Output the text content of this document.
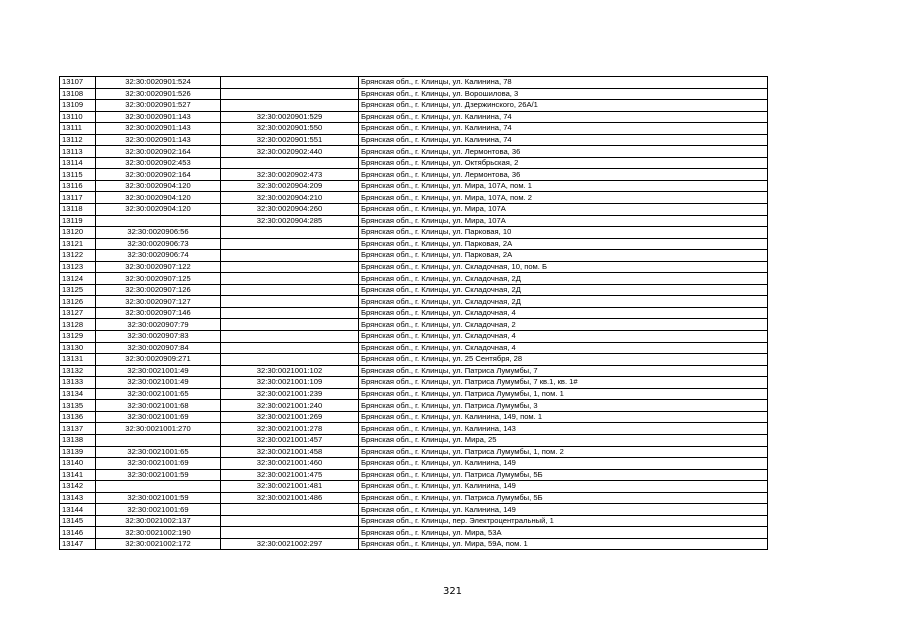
13107	32:30:0020901:524		Брянская обл., г. Клинцы, ул. Калинина, 78
13108	32:30:0020901:526		Брянская обл., г. Клинцы, ул. Ворошилова, 3
13109	32:30:0020901:527		Брянская обл., г. Клинцы, ул. Дзержинского, 26А/1
13110	32:30:0020901:143	32:30:0020901:529	Брянская обл., г. Клинцы, ул. Калинина, 74
13111	32:30:0020901:143	32:30:0020901:550	Брянская обл., г. Клинцы, ул. Калинина, 74
13112	32:30:0020901:143	32:30:0020901:551	Брянская обл., г. Клинцы, ул. Калинина, 74
13113	32:30:0020902:164	32:30:0020902:440	Брянская обл., г. Клинцы, ул. Лермонтова, 36
13114	32:30:0020902:453		Брянская обл., г. Клинцы, ул. Октябрьская, 2
13115	32:30:0020902:164	32:30:0020902:473	Брянская обл., г. Клинцы, ул. Лермонтова, 36
13116	32:30:0020904:120	32:30:0020904:209	Брянская обл., г. Клинцы, ул. Мира, 107А, пом. 1
13117	32:30:0020904:120	32:30:0020904:210	Брянская обл., г. Клинцы, ул. Мира, 107А, пом. 2
13118	32:30:0020904:120	32:30:0020904:260	Брянская обл., г. Клинцы, ул. Мира, 107А
13119		32:30:0020904:285	Брянская обл., г. Клинцы, ул. Мира, 107А
13120	32:30:0020906:56		Брянская обл., г. Клинцы, ул. Парковая, 10
13121	32:30:0020906:73		Брянская обл., г. Клинцы, ул. Парковая, 2А
13122	32:30:0020906:74		Брянская обл., г. Клинцы, ул. Парковая, 2А
13123	32:30:0020907:122		Брянская обл., г. Клинцы, ул. Складочная, 10, пом. Б
13124	32:30:0020907:125		Брянская обл., г. Клинцы, ул. Складочная, 2Д
13125	32:30:0020907:126		Брянская обл., г. Клинцы, ул. Складочная, 2Д
13126	32:30:0020907:127		Брянская обл., г. Клинцы, ул. Складочная, 2Д
13127	32:30:0020907:146		Брянская обл., г. Клинцы, ул. Складочная, 4
13128	32:30:0020907:79		Брянская обл., г. Клинцы, ул. Складочная, 2
13129	32:30:0020907:83		Брянская обл., г. Клинцы, ул. Складочная, 4
13130	32:30:0020907:84		Брянская обл., г. Клинцы, ул. Складочная, 4
13131	32:30:0020909:271		Брянская обл., г. Клинцы, ул. 25 Сентября, 28
13132	32:30:0021001:49	32:30:0021001:102	Брянская обл., г. Клинцы, ул. Патриса Лумумбы, 7
13133	32:30:0021001:49	32:30:0021001:109	Брянская обл., г. Клинцы, ул. Патриса Лумумбы, 7 кв.1, кв. 1#
13134	32:30:0021001:65	32:30:0021001:239	Брянская обл., г. Клинцы, ул. Патриса Лумумбы, 1, пом. 1
13135	32:30:0021001:68	32:30:0021001:240	Брянская обл., г. Клинцы, ул. Патриса Лумумбы, 3
13136	32:30:0021001:69	32:30:0021001:269	Брянская обл., г. Клинцы, ул. Калинина, 149, пом. 1
13137	32:30:0021001:270	32:30:0021001:278	Брянская обл., г. Клинцы, ул. Калинина, 143
13138		32:30:0021001:457	Брянская обл., г. Клинцы, ул. Мира, 25
13139	32:30:0021001:65	32:30:0021001:458	Брянская обл., г. Клинцы, ул. Патриса Лумумбы, 1, пом. 2
13140	32:30:0021001:69	32:30:0021001:460	Брянская обл., г. Клинцы, ул. Калинина, 149
13141	32:30:0021001:59	32:30:0021001:475	Брянская обл., г. Клинцы, ул. Патриса Лумумбы, 5Б
13142		32:30:0021001:481	Брянская обл., г. Клинцы, ул. Калинина, 149
13143	32:30:0021001:59	32:30:0021001:486	Брянская обл., г. Клинцы, ул. Патриса Лумумбы, 5Б
13144	32:30:0021001:69		Брянская обл., г. Клинцы, ул. Калинина, 149
13145	32:30:0021002:137		Брянская обл., г. Клинцы, пер. Электроцентральный, 1
13146	32:30:0021002:190		Брянская обл., г. Клинцы, ул. Мира, 53А
13147	32:30:0021002:172	32:30:0021002:297	Брянская обл., г. Клинцы, ул. Мира, 59А, пом. 1
321
